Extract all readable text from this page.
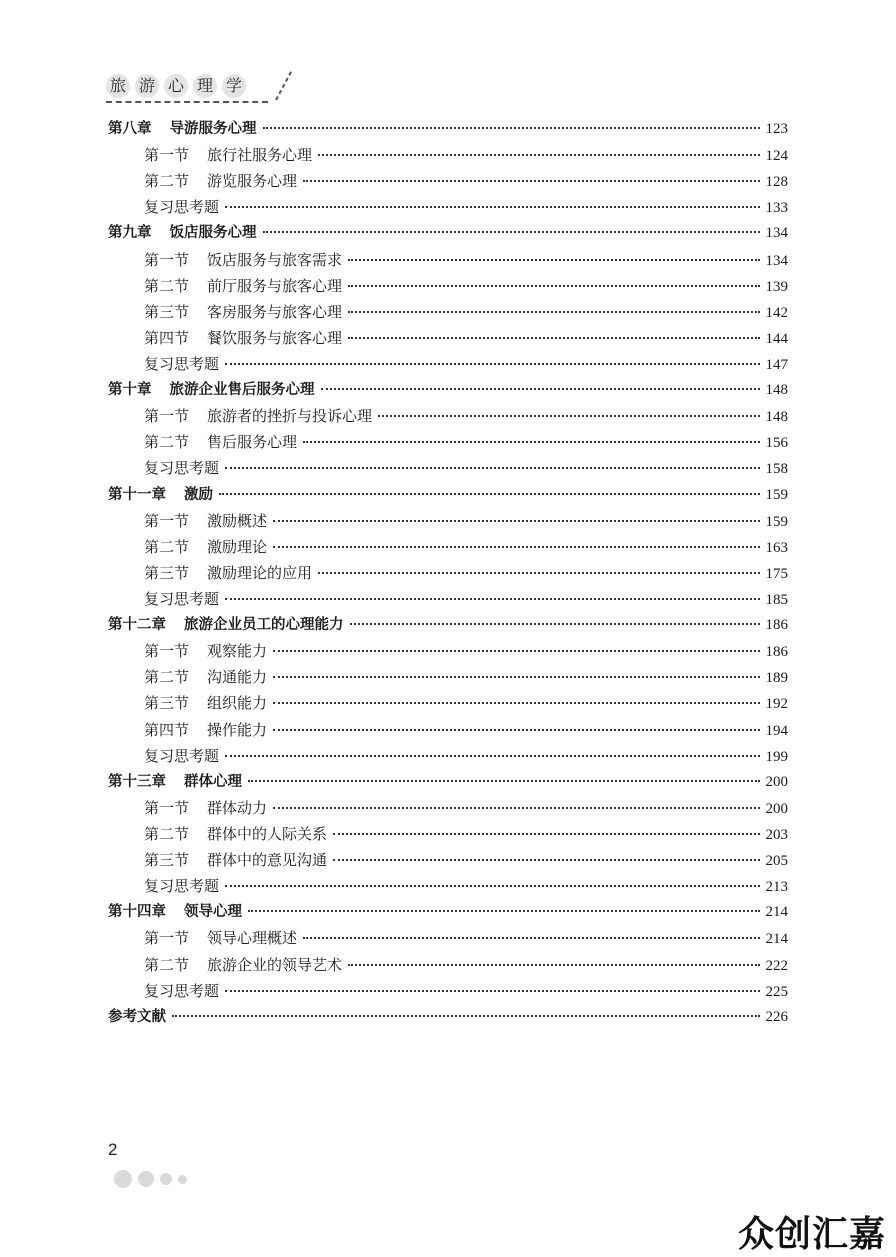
旅 游 心 理 学
第八章 导游服务心理	123
第一节 旅行社服务心理	124
第二节 游览服务心理	128
复习思考题	133
第九章 饭店服务心理	134
第一节 饭店服务与旅客需求	134
第二节 前厅服务与旅客心理	139
第三节 客房服务与旅客心理	142
第四节 餐饮服务与旅客心理	144
复习思考题	147
第十章 旅游企业售后服务心理	148
第一节 旅游者的挫折与投诉心理	148
第二节 售后服务心理	156
复习思考题	158
第十一章 激励	159
第一节 激励概述	159
第二节 激励理论	163
第三节 激励理论的应用	175
复习思考题	185
第十二章 旅游企业员工的心理能力	186
第一节 观察能力	186
第二节 沟通能力	189
第三节 组织能力	192
第四节 操作能力	194
复习思考题	199
第十三章 群体心理	200
第一节 群体动力	200
第二节 群体中的人际关系	203
第三节 群体中的意见沟通	205
复习思考题	213
第十四章 领导心理	214
第一节 领导心理概述	214
第二节 旅游企业的领导艺术	222
复习思考题	225
参考文献	226
2
众创汇嘉
